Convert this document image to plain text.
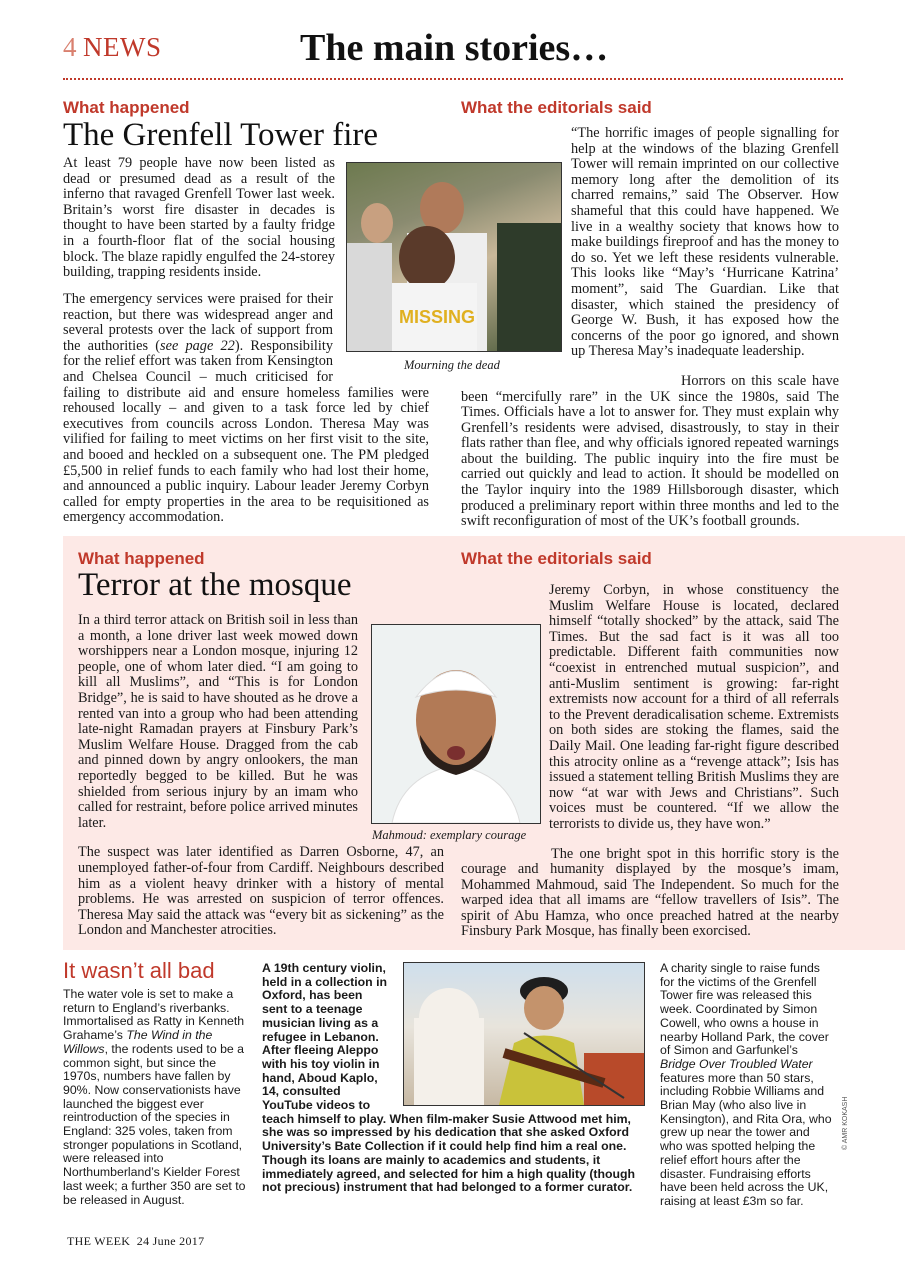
4 NEWS	The main stories…
What happened
The Grenfell Tower fire

At least 79 people have now been listed as dead or presumed dead as a result of the inferno that ravaged Grenfell Tower last week. Britain’s worst fire disaster in decades is thought to have been started by a faulty fridge in a fourth-floor flat of the social housing block. The blaze rapidly engulfed the 24-storey building, trapping residents inside.

The emergency services were praised for their reaction, but there was widespread anger and several protests over the lack of support from the authorities (see page 22). Responsibility for the relief effort was taken from Kensington and Chelsea Council – much criticised for failing to distribute aid and ensure homeless families were rehoused locally – and given to a task force led by chief executives from councils across London. Theresa May was vilified for failing to meet victims on her first visit to the site, and booed and heckled on a subsequent one. The PM pledged £5,500 in relief funds to each family who had lost their home, and announced a public inquiry. Labour leader Jeremy Corbyn called for empty properties in the area to be requisitioned as emergency accommodation.

MISSING
Mourning the dead
What the editorials said

“The horrific images of people signalling for help at the windows of the blazing Grenfell Tower will remain imprinted on our collective memory long after the demolition of its charred remains,” said The Observer. How shameful that this could have happened. We live in a wealthy society that knows how to make buildings fireproof and has the money to do so. Yet we left these residents vulnerable. This looks like “May’s ‘Hurricane Katrina’ moment”, said The Guardian. Like that disaster, which stained the presidency of George W. Bush, it has exposed how the concerns of the poor go ignored, and shown up Theresa May’s inadequate leadership.

Horrors on this scale have been “mercifully rare” in the UK since the 1980s, said The Times. Officials have a lot to answer for. They must explain why Grenfell’s residents were advised, disastrously, to stay in their flats rather than flee, and why officials ignored repeated warnings about the building. The public inquiry into the fire must be carried out quickly and lead to action. It should be modelled on the Taylor inquiry into the 1989 Hillsborough disaster, which produced a preliminary report within three months and led to the swift reconfiguration of most of the UK’s football grounds.

What happened
Terror at the mosque

In a third terror attack on British soil in less than a month, a lone driver last week mowed down worshippers near a London mosque, injuring 12 people, one of whom later died. “I am going to kill all Muslims”, and “This is for London Bridge”, he is said to have shouted as he drove a rented van into a group who had been attending late-night Ramadan prayers at Finsbury Park’s Muslim Welfare House. Dragged from the cab and pinned down by angry onlookers, the man reportedly begged to be killed. But he was shielded from serious injury by an imam who called for restraint, before police arrived minutes later.

The suspect was later identified as Darren Osborne, 47, an unemployed father-of-four from Cardiff. Neighbours described him as a violent heavy drinker with a history of mental problems. He was arrested on suspicion of terror offences. Theresa May said the attack was “every bit as sickening” as the London and Manchester atrocities.

Mahmoud: exemplary courage
What the editorials said

Jeremy Corbyn, in whose constituency the Muslim Welfare House is located, declared himself “totally shocked” by the attack, said The Times. But the sad fact is it was all too predictable. Different faith communities now “coexist in entrenched mutual suspicion”, and anti-Muslim sentiment is growing: far-right extremists now account for a third of all referrals to the Prevent deradicalisation scheme. Extremists on both sides are stoking the flames, said the Daily Mail. One leading far-right figure described this atrocity online as a “revenge attack”; Isis has issued a statement telling British Muslims they are now “at war with Jews and Christians”. Such voices must be countered. “If we allow the terrorists to divide us, they have won.”

The one bright spot in this horrific story is the courage and humanity displayed by the mosque’s imam, Mohammed Mahmoud, said The Independent. So much for the warped idea that all imams are “fellow travellers of Isis”. The spirit of Abu Hamza, who once preached hatred at the nearby Finsbury Park Mosque, has finally been exorcised.

It wasn’t all bad
The water vole is set to make a return to England’s riverbanks. Immortalised as Ratty in Kenneth Grahame’s The Wind in the Willows, the rodents used to be a common sight, but since the 1970s, numbers have fallen by 90%. Now conservationists have launched the biggest ever reintroduction of the species in England: 325 voles, taken from stronger populations in Scotland, were released into Northumberland’s Kielder Forest last week; a further 350 are set to be released in August.
A 19th century violin, held in a collection in Oxford, has been sent to a teenage musician living as a refugee in Lebanon. After fleeing Aleppo with his toy violin in hand, Aboud Kaplo, 14, consulted YouTube videos to teach himself to play. When film-maker Susie Attwood met him, she was so impressed by his dedication that she asked Oxford University’s Bate Collection if it could help find him a real one. Though its loans are mainly to academics and students, it immediately agreed, and selected for him a high quality (though not precious) instrument that had belonged to a former curator.
A charity single to raise funds for the victims of the Grenfell Tower fire was released this week. Coordinated by Simon Cowell, who owns a house in nearby Holland Park, the cover of Simon and Garfunkel’s Bridge Over Troubled Water features more than 50 stars, including Robbie Williams and Brian May (who also live in Kensington), and Rita Ora, who grew up near the tower and who was spotted helping the relief effort hours after the disaster. Fundraising efforts have been held across the UK, raising at least £3m so far.
© AMR KOKASH
THE WEEK 24 June 2017
